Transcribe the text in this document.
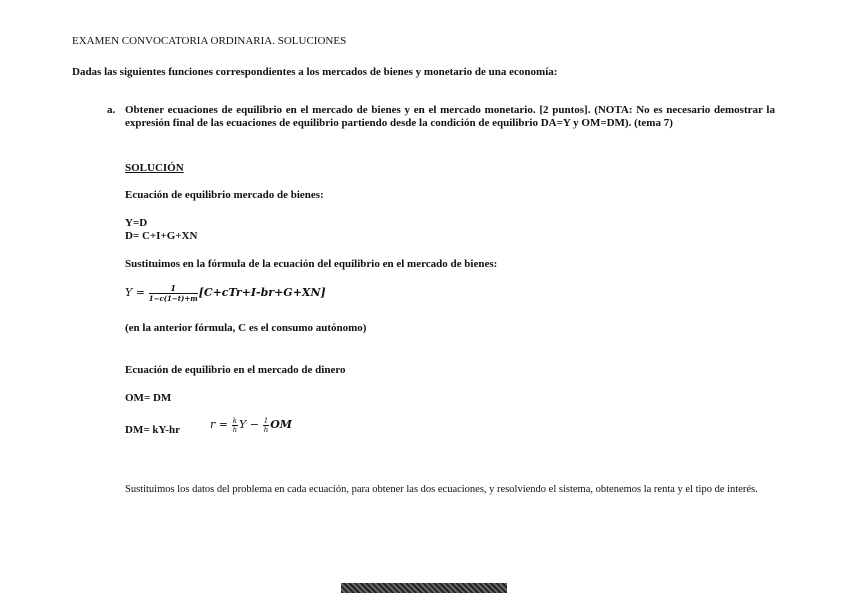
EXAMEN CONVOCATORIA ORDINARIA. SOLUCIONES
Dadas las siguientes funciones correspondientes a los mercados de bienes y monetario de una economía:
a. Obtener ecuaciones de equilibrio en el mercado de bienes y en el mercado monetario. [2 puntos]. (NOTA: No es necesario demostrar la expresión final de las ecuaciones de equilibrio partiendo desde la condición de equilibrio DA=Y y OM=DM). (tema 7)
SOLUCIÓN
Ecuación de equilibrio mercado de bienes:
Y=D
D= C+I+G+XN
Sustituimos en la fórmula de la ecuación del equilibrio en el mercado de bienes:
$Y = \frac{1}{1-c(1-t)+m} [C+cTr+I-br+G+XN]$
(en la anterior fórmula, C es el consumo autónomo)
Ecuación de equilibrio en el mercado de dinero
OM= DM
DM= kY-hr	$r = \frac{k}{h}$ $Y - \frac{1}{h}$ OM
Sustituimos los datos del problema en cada ecuación, para obtener las dos ecuaciones, y resolviendo el sistema, obtenemos la renta y el tipo de interés.
